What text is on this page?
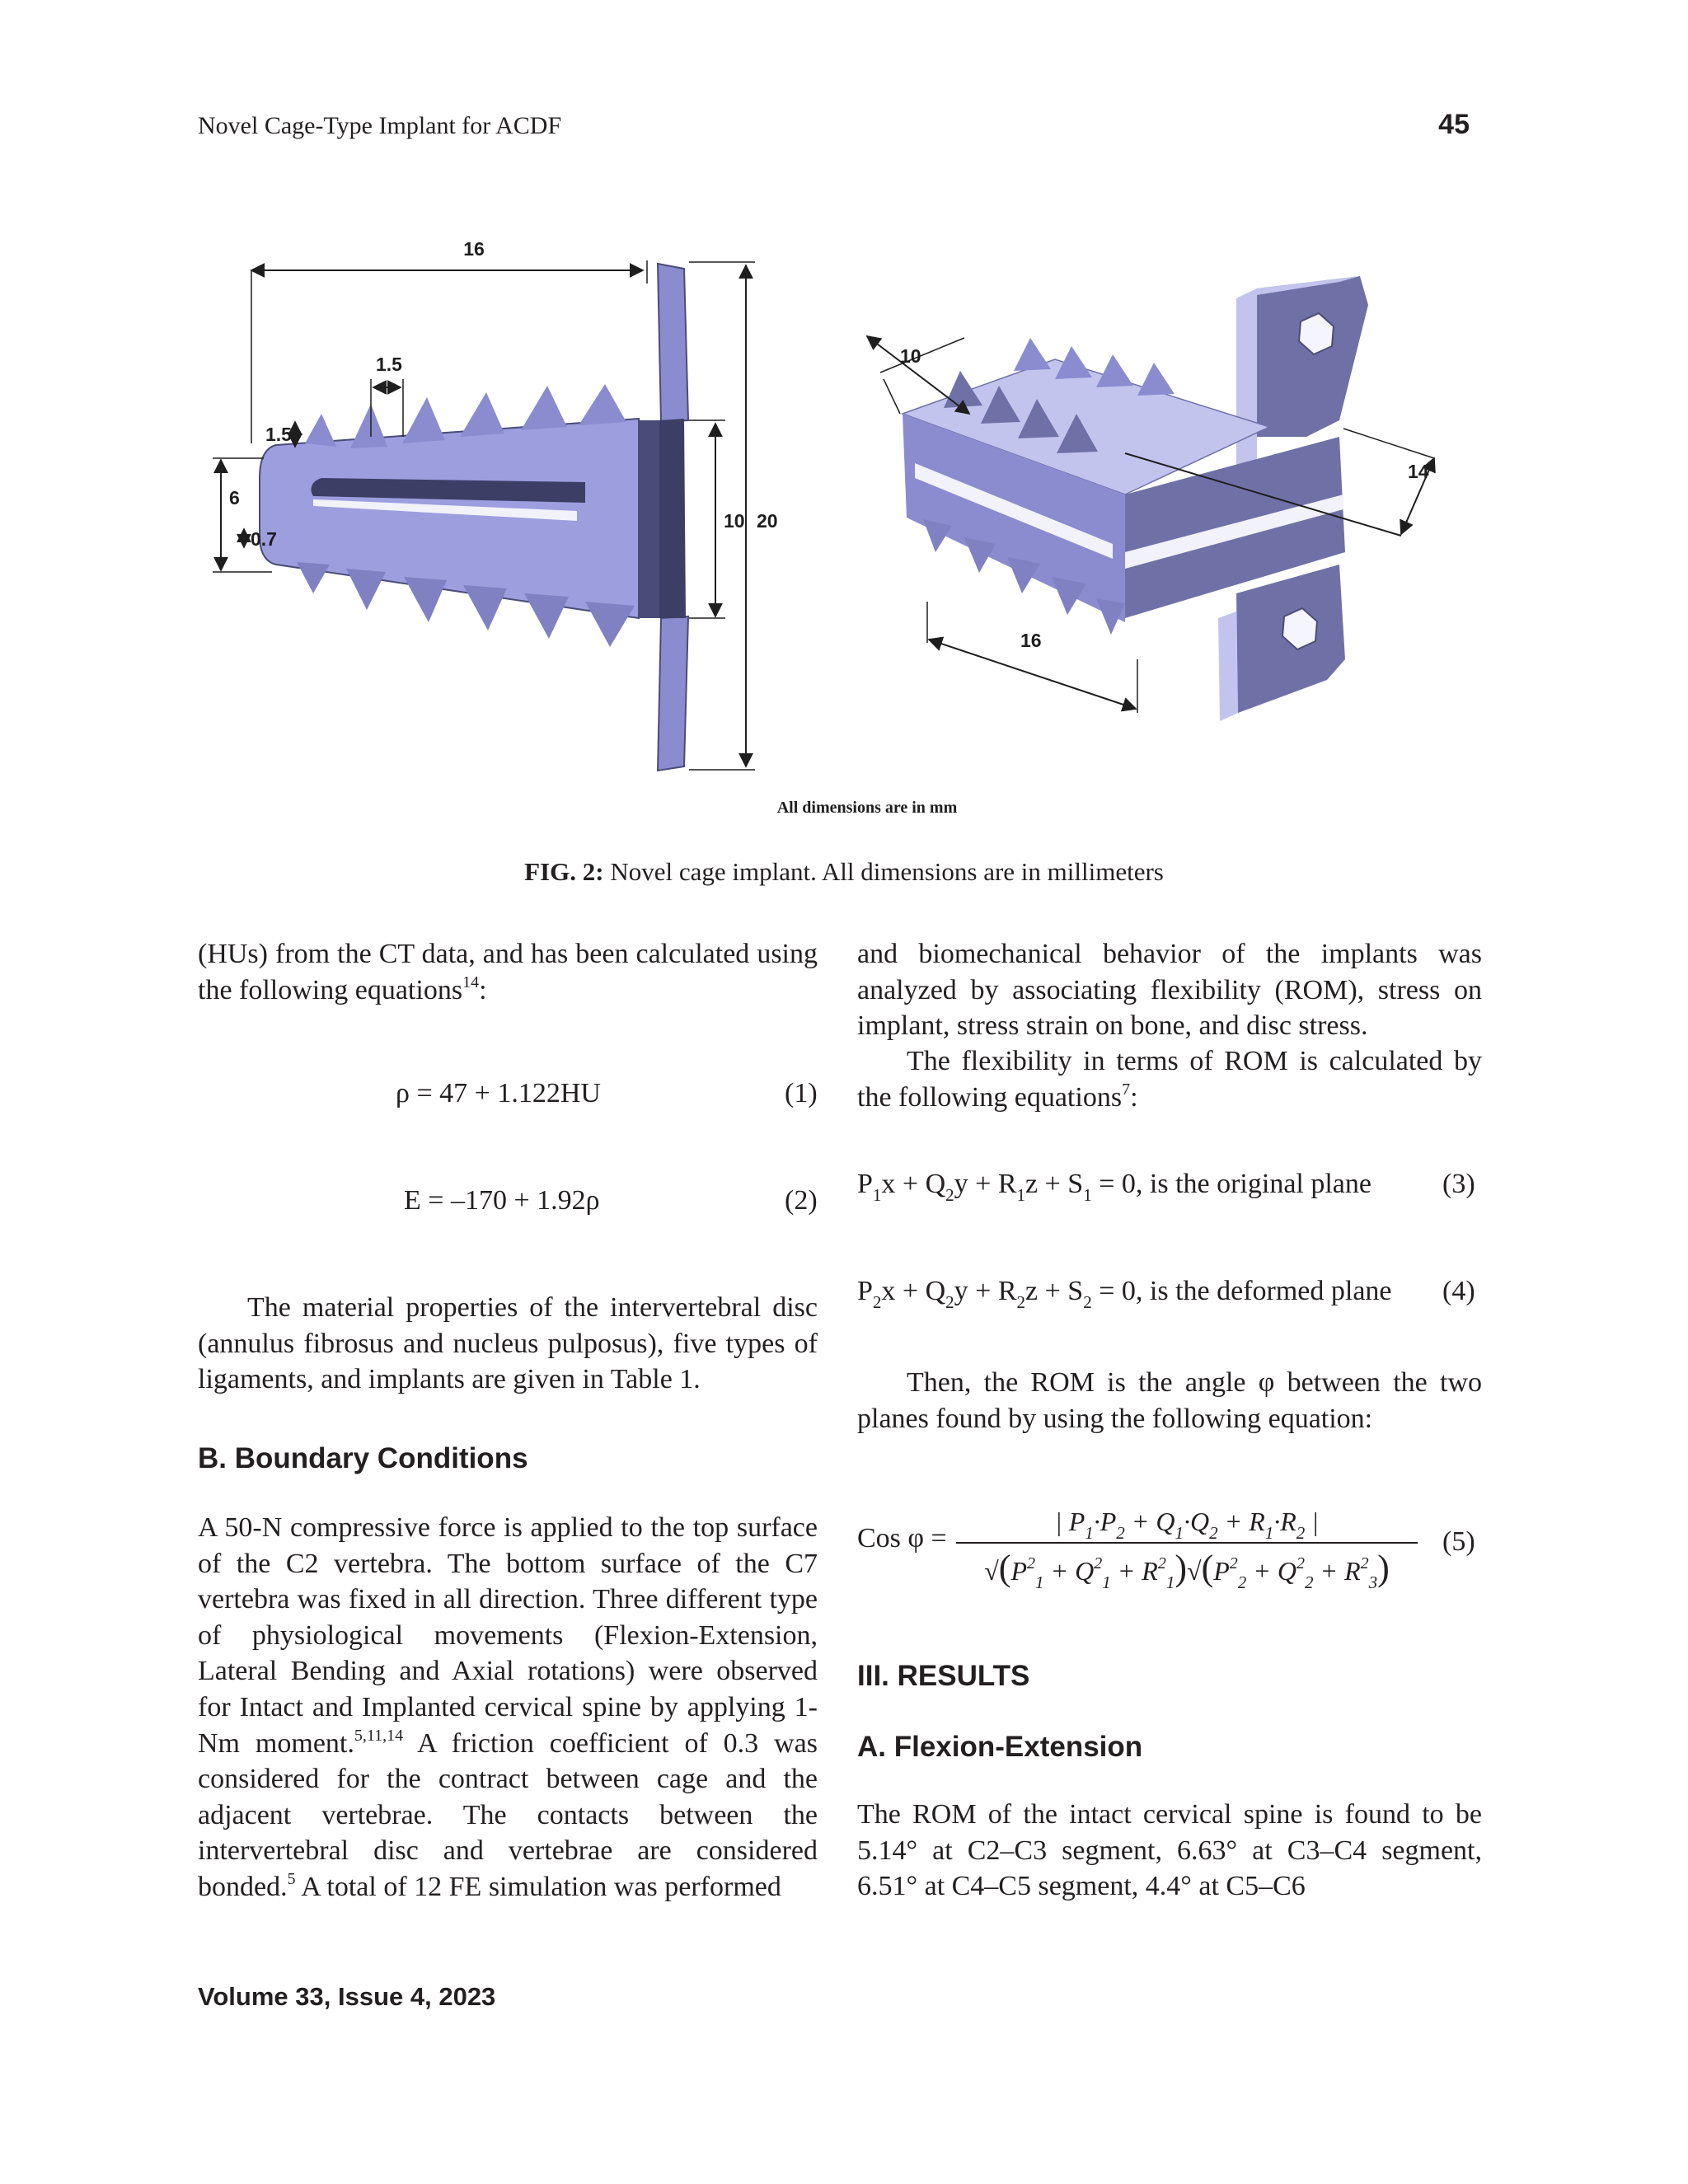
Novel Cage-Type Implant for ACDF	45
16
1.5
1.5
6
0.7
10 20
10
14
16
All dimensions are in mm
FIG. 2: Novel cage implant. All dimensions are in millimeters
(HUs) from the CT data, and has been calculated using the following equations$^{14}$:
ρ = 47 + 1.122HU	(1)
E = –170 + 1.92ρ	(2)
The material properties of the intervertebral disc (annulus fibrosus and nucleus pulposus), five types of ligaments, and implants are given in Table 1.
B. Boundary Conditions
A 50-N compressive force is applied to the top surface of the C2 vertebra. The bottom surface of the C7 vertebra was fixed in all direction. Three different type of physiological movements (Flexion-Extension, Lateral Bending and Axial rotations) were observed for Intact and Implanted cervical spine by applying 1-Nm moment.$^{5,11,14}$ A friction coefficient of 0.3 was considered for the contract between cage and the adjacent vertebrae. The contacts between the intervertebral disc and vertebrae are considered bonded.$^5$ A total of 12 FE simulation was performed
and biomechanical behavior of the implants was analyzed by associating flexibility (ROM), stress on implant, stress strain on bone, and disc stress.
The flexibility in terms of ROM is calculated by the following equations$^7$:
$P_1x + Q_2y + R_1z + S_1 = 0$, is the original plane	(3)
$P_2x + Q_2y + R_2z + S_2 = 0$, is the deformed plane (4)
Then, the ROM is the angle φ between the two planes found by using the following equation:
Cos φ =
| $P_1\cdot P_2 + Q_1\cdot Q_2 + R_1\cdot R_2$ |
$√(P^2_1 + Q^2_1 + R^2_1)√(P^2_2 + Q^2_2 + R^2_3)$
(5)
III. RESULTS
A. Flexion-Extension
The ROM of the intact cervical spine is found to be 5.14° at C2–C3 segment, 6.63° at C3–C4 segment, 6.51° at C4–C5 segment, 4.4° at C5–C6
Volume 33, Issue 4, 2023
